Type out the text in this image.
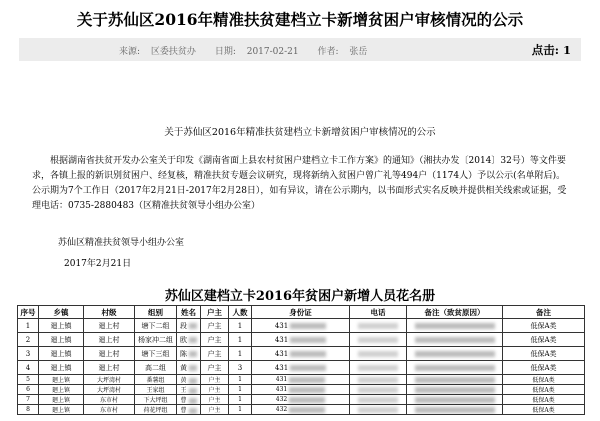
关于苏仙区2016年精准扶贫建档立卡新增贫困户审核情况的公示
来源: 区委扶贫办 日期: 2017-02-21 作者: 张岳	点击: 1
关于苏仙区2016年精准扶贫建档立卡新增贫困户审核情况的公示
根据湖南省扶贫开发办公室关于印发《湖南省面上县农村贫困户建档立卡工作方案》的通知》（湘扶办发〔2014〕32号）等文件要求，各镇上报的新识别贫困户、经复核，精准扶贫专题会议研究，现将新纳入贫困户曾广礼等494户（1174人）予以公示(名单附后)。公示期为7个工作日（2017年2月21日-2017年2月28日），如有异议，请在公示期内，以书面形式实名反映并提供相关线索或证据，受理电话：0735-2880483（区精准扶贫领导小组办公室）
苏仙区精准扶贫领导小组办公室
2017年2月21日
苏仙区建档立卡2016年贫困户新增人员花名册
序号	乡镇	村级	组别	姓名	户主	人数	身份证	电话	备注（致贫原因）	备注
1	廻上镇	廻上村	塘下二组	段	户主	1	431			低保A类
2	廻上镇	廻上村	杨家冲二组	欧	户主	1	431			低保A类
3	廻上镇	廻上村	塘下三组	陈	户主	1	431			低保A类
4	廻上镇	廻上村	高二组	黄	户主	3	431			低保A类
5	廻上镇	大坪湾村	番薯组	黄	户主	1	431			低保A类
6	廻上镇	大坪湾村	王家组	王	户主	1	431			低保A类
7	廻上镇	东市村	下大坪组	曹	户主	1	432			低保A类
8	廻上镇	东市村	荷花坪组	曹	户主	1	432			低保A类
